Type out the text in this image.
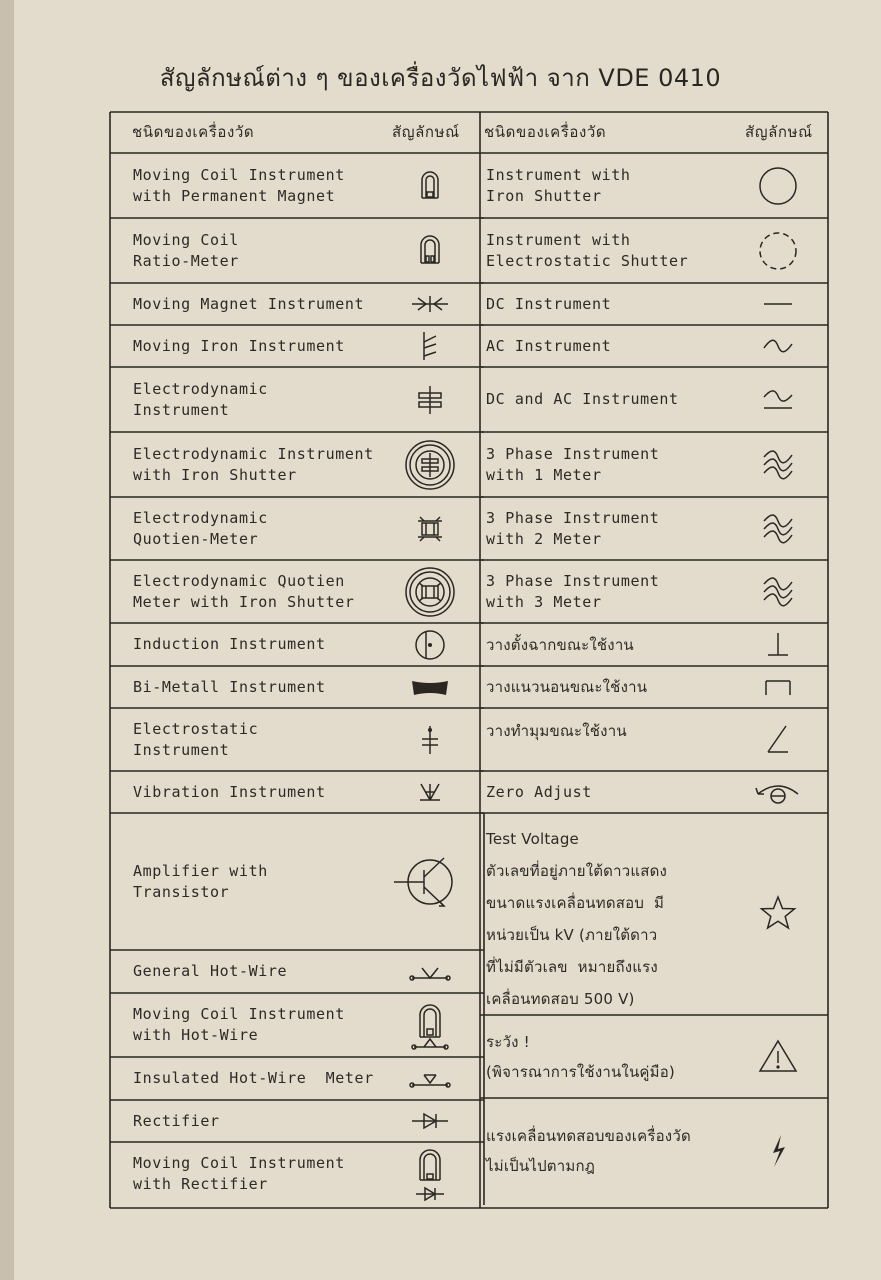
สัญลักษณ์ต่าง ๆ ของเครื่องวัดไฟฟ้า จาก VDE 0410
ชนิดของเครื่องวัด	สัญลักษณ์ ชนิดของเครื่องวัด	สัญลักษณ์
Moving Coil Instrument
with Permanent Magnet
Moving Coil
Ratio-Meter
Moving Magnet Instrument
Moving Iron Instrument
Electrodynamic
Instrument
Electrodynamic Instrument
with Iron Shutter
Electrodynamic
Quotien-Meter
Electrodynamic Quotien
Meter with Iron Shutter
Induction Instrument
Bi-Metall Instrument
Electrostatic
Instrument
Vibration Instrument
Amplifier with
Transistor
General Hot-Wire
Moving Coil Instrument
with Hot-Wire
Insulated Hot-Wire  Meter
Rectifier
Moving Coil Instrument
with Rectifier
Instrument with
Iron Shutter
Instrument with
Electrostatic Shutter
DC Instrument
AC Instrument
DC and AC Instrument
3 Phase Instrument
with 1 Meter
3 Phase Instrument
with 2 Meter
3 Phase Instrument
with 3 Meter
วางตั้งฉากขณะใช้งาน
วางแนวนอนขณะใช้งาน
วางทำมุมขณะใช้งาน
Zero Adjust
Test Voltage
ตัวเลขที่อยู่ภายใต้ดาวแสดง
ขนาดแรงเคลื่อนทดสอบ  มี
หน่วยเป็น kV (ภายใต้ดาว
ที่ไม่มีตัวเลข  หมายถึงแรง
เคลื่อนทดสอบ 500 V)
ระวัง !
(พิจารณาการใช้งานในคู่มือ)
แรงเคลื่อนทดสอบของเครื่องวัด
ไม่เป็นไปตามกฎ
